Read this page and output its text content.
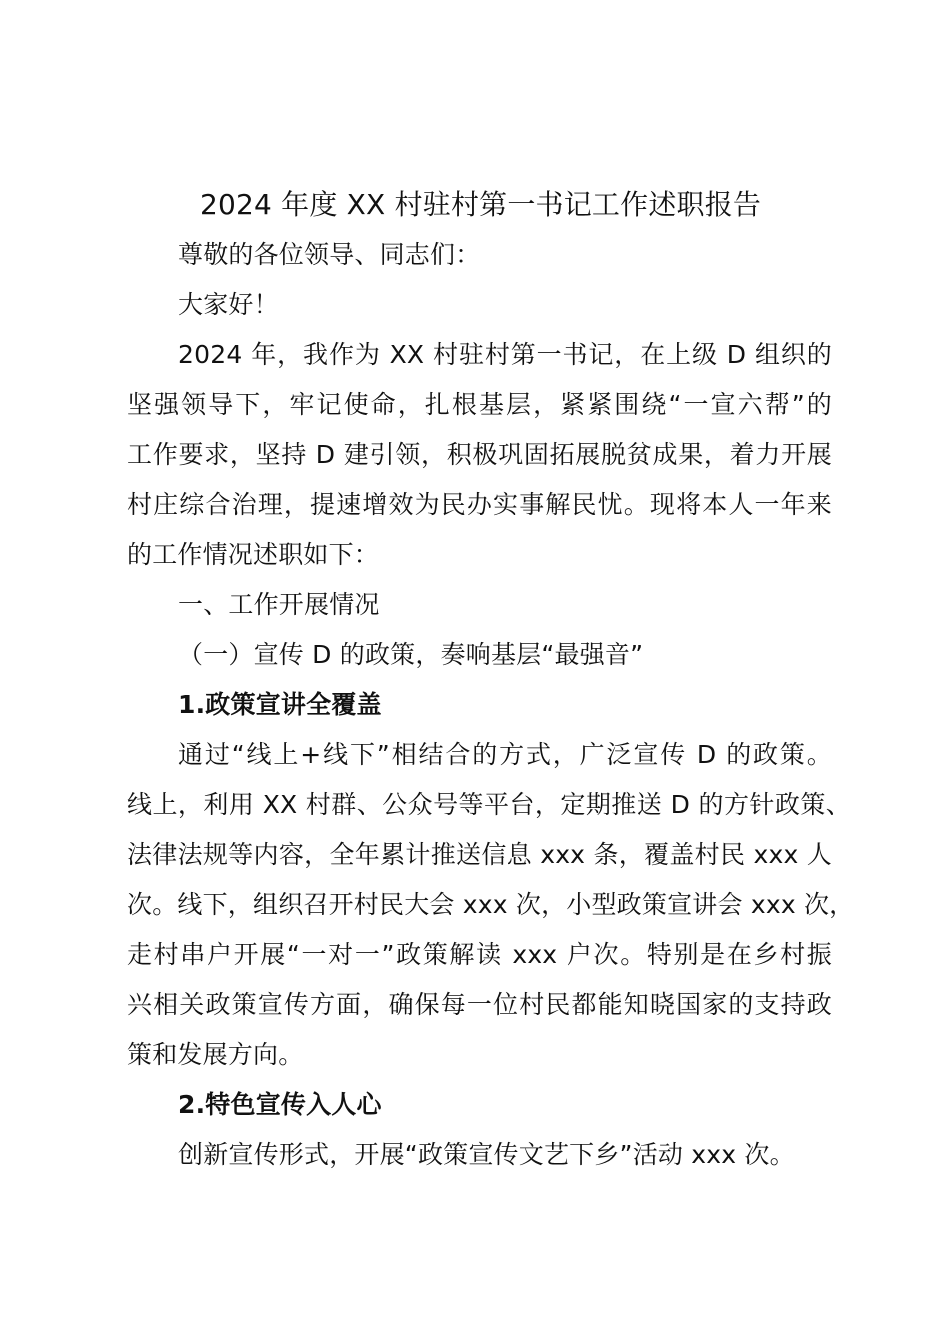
2024 年度 XX 村驻村第一书记工作述职报告
尊敬的各位领导、同志们：
大家好！
2024 年，我作为 XX 村驻村第一书记，在上级 D 组织的
坚强领导下，牢记使命，扎根基层，紧紧围绕“一宣六帮”的
工作要求，坚持 D 建引领，积极巩固拓展脱贫成果，着力开展
村庄综合治理，提速增效为民办实事解民忧。现将本人一年来
的工作情况述职如下：
一、工作开展情况
（一）宣传 D 的政策，奏响基层“最强音”
1.政策宣讲全覆盖
通过“线上+线下”相结合的方式，广泛宣传 D 的政策。
线上，利用 XX 村群、公众号等平台，定期推送 D 的方针政策、
法律法规等内容，全年累计推送信息 xxx 条，覆盖村民 xxx 人
次。线下，组织召开村民大会 xxx 次，小型政策宣讲会 xxx 次，
走村串户开展“一对一”政策解读 xxx 户次。特别是在乡村振
兴相关政策宣传方面，确保每一位村民都能知晓国家的支持政
策和发展方向。
2.特色宣传入人心
创新宣传形式，开展“政策宣传文艺下乡”活动 xxx 次。
